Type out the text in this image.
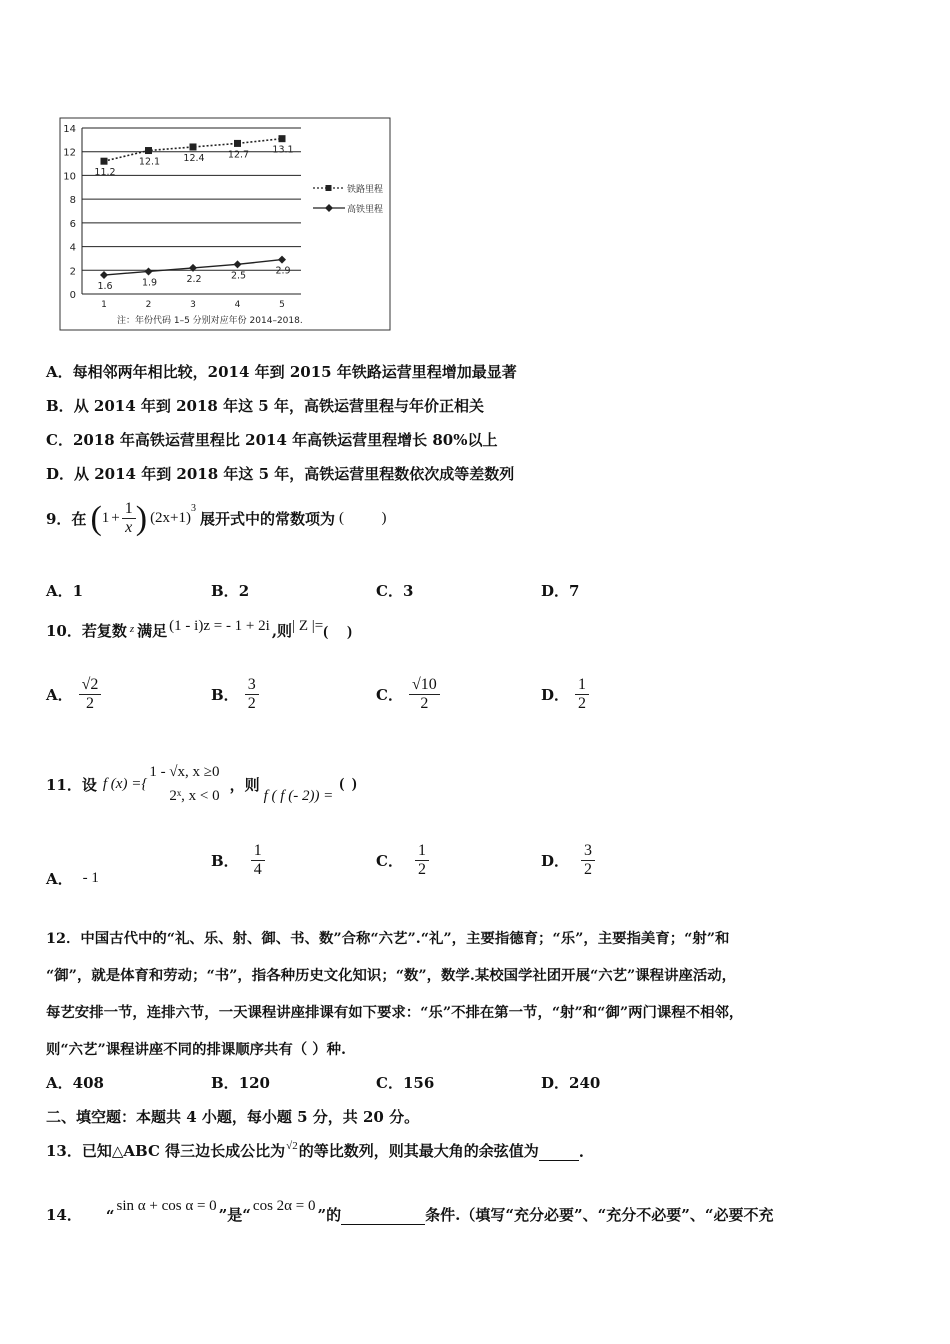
0
2
4
6
8
10
12
14
1	2	3	4	5
11.2
12.1 12.4 12.7 13.1
1.6	1.9	2.2	2.5	2.9
铁路里程
高铁里程
注：年份代码 1–5 分别对应年份 2014–2018.
A．每相邻两年相比较，2014 年到 2015 年铁路运营里程增加最显著
B．从 2014 年到 2018 年这 5 年，高铁运营里程与年价正相关
C．2018 年高铁运营里程比 2014 年高铁运营里程增长 80%以上
D．从 2014 年到 2018 年这 5 年，高铁运营里程数依次成等差数列
9．在 ( $1 + \frac{1}{x}$ ) (2x+1)
$^3$
展开式中的常数项为 (          )
A．1	B．2	C．3	D．7
10．若复数 z 满足 (1 - i)z = - 1 + 2i ,则 | Z |= (     )
A． $\frac{√2}{2}$	B． $\frac{3}{2}$	C． $\frac{√10}{2}$	D． $\frac{1}{2}$
11．设 f (x) ={
1 - √x, x ≥0
2ˣ, x < 0
，则
f ( f (- 2)) =
(  )
A． - 1
B． $\frac{1}{4}$	C． $\frac{1}{2}$	D． $\frac{3}{2}$
12．中国古代中的“礼、乐、射、御、书、数”合称“六艺”.“礼”，主要指德育；“乐”，主要指美育；“射”和
“御”，就是体育和劳动；“书”，指各种历史文化知识；“数”，数学.某校国学社团开展“六艺”课程讲座活动，
每艺安排一节，连排六节，一天课程讲座排课有如下要求：“乐”不排在第一节，“射”和“御”两门课程不相邻，
则“六艺”课程讲座不同的排课顺序共有（ ）种.
A．408	B．120	C．156	D．240
二、填空题：本题共 4 小题，每小题 5 分，共 20 分。
13．已知△ABC 得三边长成公比为 √2 的等比数列，则其最大角的余弦值为	.
14． “
sin α + cos α = 0 ”是“ cos 2α = 0 ”的	条件.（填写“充分必要”、“充分不必要”、“必要不充
